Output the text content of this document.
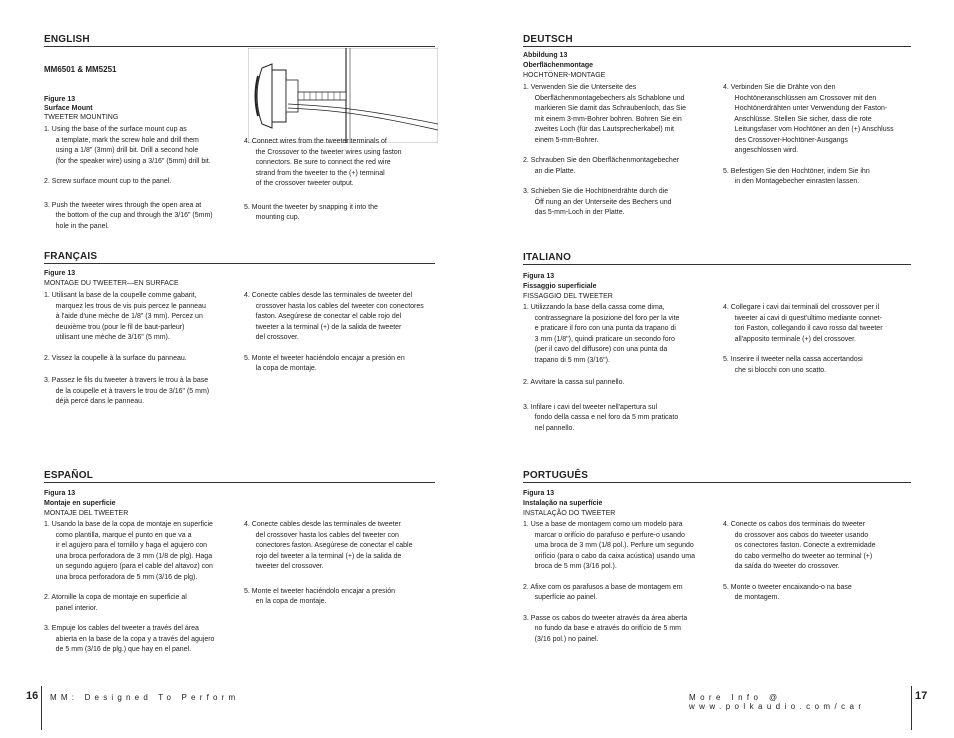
ENGLISH
MM6501 & MM5251
Figure 13
Surface Mount
TWEETER MOUNTING
1. Using the base of the surface mount cup as
a template, mark the screw hole and drill them
using a 1/8" (3mm) drill bit. Drill a second hole
(for the speaker wire) using a 3/16" (5mm) drill bit.
2. Screw surface mount cup to the panel.
3. Push the tweeter wires through the open area at
the bottom of the cup and through the 3/16" (5mm)
hole in the panel.
4. Connect wires from the tweeter terminals of
the Crossover to the tweeter wires using faston
connectors. Be sure to connect the red wire
strand from the tweeter to the (+) terminal
of the crossover tweeter output.
5. Mount the tweeter by snapping it into the
mounting cup.
FRANÇAIS
Figure 13
MONTAGE DU TWEETER—EN SURFACE
1. Utilisant la base de la coupelle comme gabarit,
marquez les trous de vis puis percez le panneau
à l'aide d'une mèche de 1/8" (3 mm). Percez un
deuxième trou (pour le fil de baut-parleur)
utilisant une mèche de 3/16" (5 mm).
2. Vissez la coupelle à la surface du panneau.
3. Passez le fils du tweeter à travers le trou à la base
de la coupelle et à travers le trou de 3/16" (5 mm)
déjà percé dans le panneau.
4. Conecte cables desde las terminales de tweeter del
crossover hasta los cables del tweeter con conectores
faston. Asegúrese de conectar el cable rojo del
tweeter a la terminal (+) de la salida de tweeter
del crossover.
5. Monte el tweeter haciéndolo encajar a presión en
la copa de montaje.
ESPAÑOL
Figura 13
Montaje en superficie
MONTAJE DEL TWEETER
1. Usando la base de la copa de montaje en superficie
como plantilla, marque el punto en que va a
ir el agujero para el tornillo y haga el agujero con
una broca perforadora de 3 mm (1/8 de plg). Haga
un segundo agujero (para el cable del altavoz) con
una broca perforadora de 5 mm (3/16 de plg).
2. Atornille la copa de montaje en superficie al
panel interior.
3. Empuje los cables del tweeter a través del área
abierta en la base de la copa y a través del agujero
de 5 mm (3/16 de plg.) que hay en el panel.
4. Conecte cables desde las terminales de tweeter
del crossover hasta los cables del tweeter con
conectores faston. Asegúrese de conectar el cable
rojo del tweeter a la terminal (+) de la salida de
tweeter del crossover.
5. Monte el tweeter haciéndolo encajar a presión
en la copa de montaje.
16 MM: Designed To Perform
DEUTSCH
Abbildung 13
Oberflächenmontage
HOCHTÖNER-MONTAGE
1. Verwenden Sie die Unterseite des
Oberflächenmontagebechers als Schablone und
markieren Sie damit das Schraubenloch, das Sie
mit einem 3-mm-Bohrer bohren. Bohren Sie ein
zweites Loch (für das Lautsprecherkabel) mit
einem 5-mm-Bohrer.
2. Schrauben Sie den Oberflächenmontagebecher
an die Platte.
3. Schieben Sie die Hochtönerdrähte durch die
Öff nung an der Unterseite des Bechers und
das 5-mm-Loch in der Platte.
4. Verbinden Sie die Drähte von den
Hochtöneranschlüssen am Crossover mit den
Hochtönerdrähten unter Verwendung der Faston-
Anschlüsse. Stellen Sie sicher, dass die rote
Leitungsfaser vom Hochtöner an den (+) Anschluss
des Crossover-Hochtöner-Ausgangs
angeschlossen wird.
5. Befestigen Sie den Hochtöner, indem Sie ihn
in den Montagebecher einrasten lassen.
ITALIANO
Figura 13
Fissaggio superficiale
FISSAGGIO DEL TWEETER
1. Utilizzando la base della cassa come dima,
contrassegnare la posizione del foro per la vite
e praticare il foro con una punta da trapano di
3 mm (1/8"), quindi praticare un secondo foro
(per il cavo del diffusore) con una punta da
trapano di 5 mm (3/16").
2. Avvitare la cassa sul pannello.
3. Infilare i cavi del tweeter nell'apertura sul
fondo della cassa e nel foro da 5 mm praticato
nel pannello.
4. Collegare i cavi dai terminali del crossover per il
tweeter ai cavi di quest'ultimo mediante connet-
tori Faston, collegando il cavo rosso dal tweeter
all'apposito terminale (+) del crossover.
5. Inserire il tweeter nella cassa accertandosi
che si blocchi con uno scatto.
PORTUGUÊS
Figura 13
Instalação na superfície
INSTALAÇÃO DO TWEETER
1. Use a base de montagem como um modelo para
marcar o orifício do parafuso e perfure-o usando
uma broca de 3 mm (1/8 pol.). Perfure um segundo
orifício (para o cabo da caixa acústica) usando uma
broca de 5 mm (3/16 pol.).
2. Afixe com os parafusos a base de montagem em
superfície ao painel.
3. Passe os cabos do tweeter através da área aberta
no fundo da base e através do orifício de 5 mm
(3/16 pol.) no painel.
4. Conecte os cabos dos terminais do tweeter
do crossover aos cabos do tweeter usando
os conectores faston. Conecte a extremidade
do cabo vermelho do tweeter ao terminal (+)
da saída do tweeter do crossover.
5. Monte o tweeter encaixando-o na base
de montagem.
More Info @ www.polkaudio.com/car
17
